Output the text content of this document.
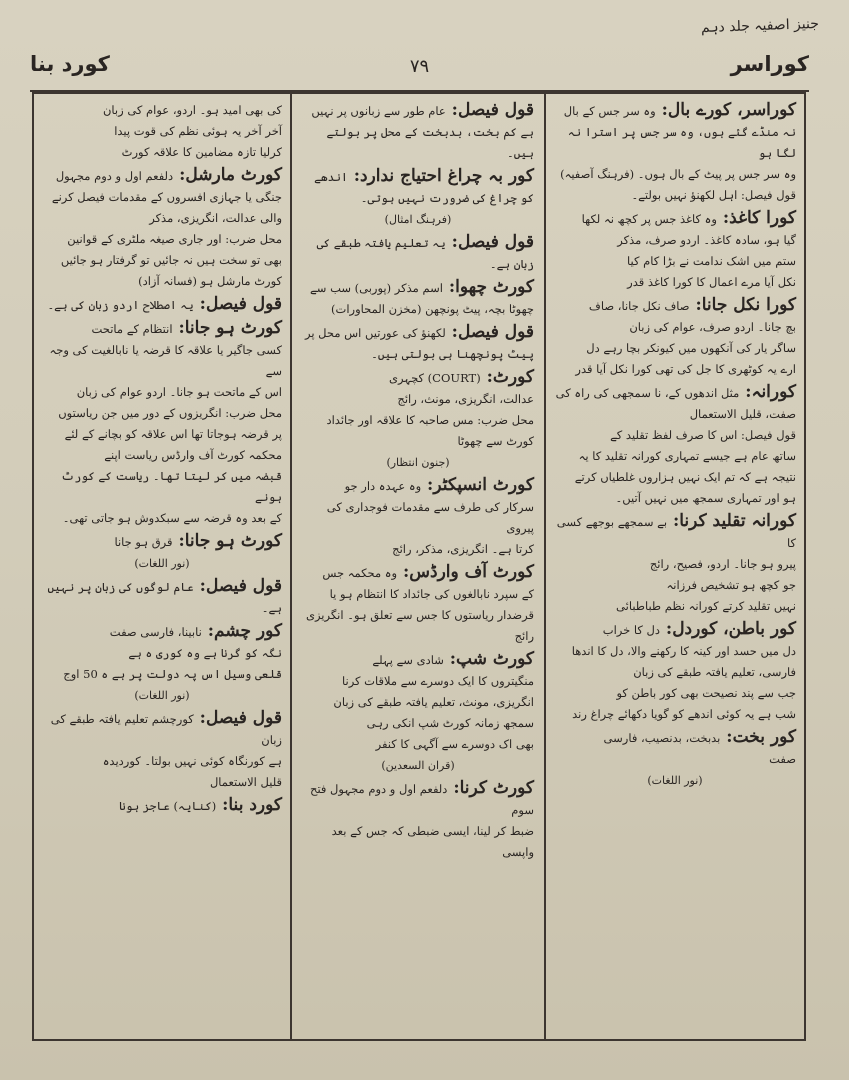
جنیز اصفیہ جلد دہم
کوراسر
۷۹
کورد بنا
کوراسر، کورے بال: وہ سر جس کے بال

نہ منڈے گئے ہوں، وہ سر جس پر استرا نہ لگا ہو
وہ سر جس پر پیٹ کے بال ہوں۔ (فرہنگ آصفیہ)
قول فیصل: اہل لکھنؤ نہیں بولتے۔
کورا کاغذ: وہ کاغذ جس پر کچھ نہ لکھا

گیا ہو، سادہ کاغذ۔ اردو صرف، مذکر
ستم میں اشک ندامت نے بڑا کام کیا
نکل آیا مرے اعمال کا کورا کاغذ قدر
کورا نکل جانا: صاف نکل جانا، صاف

بچ جانا۔ اردو صرف، عوام کی زبان
ساگر یار کی آنکھوں میں کیونکر بچا رہے دل
ارے یہ کوٹھری کا جل کی تھی کورا نکل آیا قدر
کورانہ: مثل اندھوں کے، نا سمجھی کی راہ کی

صفت، قلیل الاستعمال
قول فیصل: اس کا صرف لفظ تقلید کے
ساتھ عام ہے جیسے تمہاری کورانہ تقلید کا یہ
نتیجہ ہے کہ تم ایک نہیں ہزاروں غلطیاں کرتے
ہو اور تمہاری سمجھ میں نہیں آتیں۔
کورانہ تقلید کرنا: بے سمجھے بوجھے کسی کا

پیرو ہو جانا۔ اردو، فصیح، رائج
جو کچھ ہو تشخیص فرزانہ
نہیں تقلید کرتے کورانہ نظم طباطبائی
کور باطن، کوردل: دل کا خراب

دل میں حسد اور کینہ کا رکھنے والا، دل کا اندھا
فارسی، تعلیم یافتہ طبقے کی زبان
جب سے پند نصیحت بھی کور باطن کو
شب ہے یہ کوئی اندھے کو گویا دکھائے چراغ رند
کور بخت: بدبخت، بدنصیب، فارسی

صفت
(نور اللغات)
قول فیصل: عام طور سے زبانوں پر نہیں

ہے کم بخت، بدبخت کے محل پر بولتے ہیں۔
کور بہ چراغ احتیاج ندارد: اندھے کو چراغ کی ضرورت نہیں ہوتی۔

(فرہنگ امثال)
قول فیصل: یہ تعلیم یافتہ طبقے کی زبان ہے۔

کورٹ چھوا: اسم مذکر (پوربی) سب سے

چھوٹا بچہ، پیٹ پونچھن (مخزن المحاورات)
قول فیصل: لکھنؤ کی عورتیں اس محل پر

پیٹ پونچھنا ہی بولتی ہیں۔
کورٹ: (COURT) کچہری

عدالت، انگریزی، مونث، رائج
محل ضرب: مس صاحبہ کا علاقہ اور جائداد
کورٹ سے چھوٹا
(جنون انتظار)
کورٹ انسپکٹر: وہ عہدہ دار جو

سرکار کی طرف سے مقدمات فوجداری کی پیروی
کرتا ہے۔ انگریزی، مذکر، رائج
کورٹ آف وارڈس: وہ محکمہ جس

کے سپرد نابالغوں کی جائداد کا انتظام ہو یا
قرضدار ریاستوں کا جس سے تعلق ہو۔ انگریزی
رائج
کورٹ شپ: شادی سے پہلے

منگیتروں کا ایک دوسرے سے ملاقات کرنا
انگریزی، مونث، تعلیم یافتہ طبقے کی زبان
سمجھ زمانہ کورٹ شپ انکی رہی
بھی اک دوسرے سے آگہی کا کنفر
(قران السعدین)
کورٹ کرنا: دلفعم اول و دوم مجہول فتح سوم

ضبط کر لینا، ایسی ضبطی کہ جس کے بعد واپسی
کی بھی امید ہو۔ اردو، عوام کی زبان
آخر آخر یہ ہوئی نظم کی قوت پیدا
کرلیا تازہ مضامین کا علاقہ کورٹ
کورٹ مارشل: دلفعم اول و دوم مجہول

جنگی یا جہازی افسروں کے مقدمات فیصل کرنے
والی عدالت، انگریزی، مذکر
محل ضرب: اور جاری صیغہ ملٹری کے قوانین
بھی تو سخت ہیں نہ جائیں تو گرفتار ہو جائیں
کورٹ مارشل ہو (فسانہ آزاد)
قول فیصل: یہ اصطلاح اردو زبان کی ہے۔

کورٹ ہو جانا: انتظام کے ماتحت

کسی جاگیر یا علاقہ کا قرضہ یا نابالغیت کی وجہ سے
اس کے ماتحت ہو جانا۔ اردو عوام کی زبان
محل ضرب: انگریزوں کے دور میں جن ریاستوں
پر قرضہ ہوجاتا تھا اس علاقہ کو بچانے کے لئے
محکمہ کورٹ آف وارڈس ریاست اپنے
قبضہ میں کر لیتا تھا۔ ریاست کے کورٹ ہونے
کے بعد وہ قرضہ سے سبکدوش ہو جاتی تھی۔
کورٹ ہو جانا: قرق ہو جانا

(نور اللغات)
قول فیصل: عام لوگوں کی زبان پر نہیں ہے۔

کور چشم: نابینا، فارسی صفت

نگہ کو گرنا ہے وہ کوری ہ ہے
قلعی وسیل اس پہ دولت پر ہے ہ 50 اوج
(نور اللغات)
قول فیصل: کورچشم تعلیم یافتہ طبقے کی زبان

ہے کورنگاہ کوئی نہیں بولتا۔ کوردیدہ
قلیل الاستعمال
کورد بنا: (کنایہ) عاجز ہونا
